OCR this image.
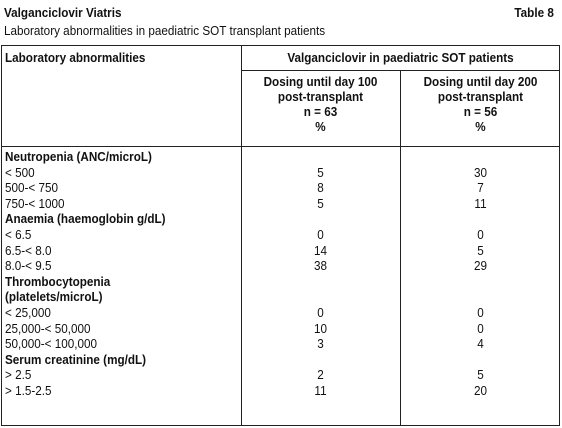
Valganciclovir Viatris	Table 8
Laboratory abnormalities in paediatric SOT transplant patients
Laboratory abnormalities	Valganciclovir in paediatric SOT patients
Dosing until day 100
post-transplant
n = 63
%
Dosing until day 200
post-transplant
n = 56
%
Neutropenia (ANC/microL)
< 500	5	30
500-< 750	8	7
750-< 1000	5	11
Anaemia (haemoglobin g/dL)
< 6.5	0	0
6.5-< 8.0	14	5
8.0-< 9.5	38	29
Thrombocytopenia
(platelets/microL)
< 25,000	0	0
25,000-< 50,000	10	0
50,000-< 100,000	3	4
Serum creatinine (mg/dL)
> 2.5	2	5
> 1.5-2.5	11	20
